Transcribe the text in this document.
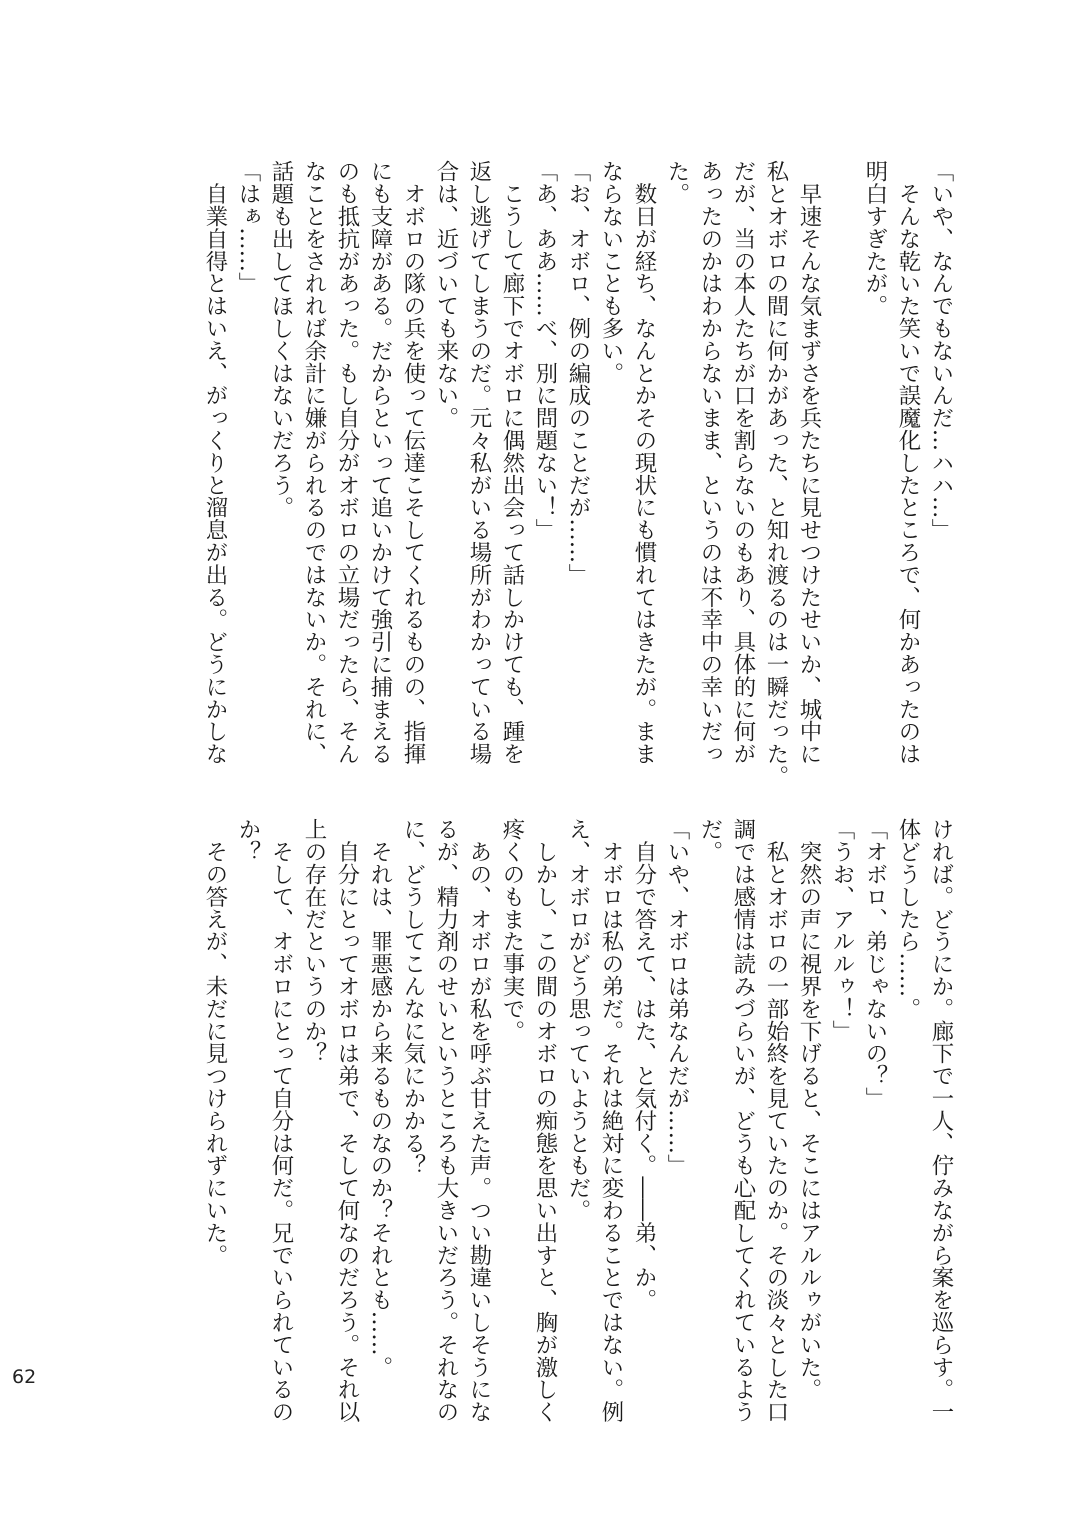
「いや、なんでもないんだ…ハハ…」
　そんな乾いた笑いで誤魔化したところで、何かあったのは
明白すぎたが。

　早速そんな気まずさを兵たちに見せつけたせいか、城中に
私とオボロの間に何かがあった、と知れ渡るのは一瞬だった。
だが、当の本人たちが口を割らないのもあり、具体的に何が
あったのかはわからないまま、というのは不幸中の幸いだっ
た。
　数日が経ち、なんとかその現状にも慣れてはきたが。まま
ならないことも多い。
「お、オボロ、例の編成のことだが……」
「あ、ああ……べ、別に問題ない！」
　こうして廊下でオボロに偶然出会って話しかけても、踵を
返し逃げてしまうのだ。元々私がいる場所がわかっている場
合は、近づいても来ない。
　オボロの隊の兵を使って伝達こそしてくれるものの、指揮
にも支障がある。だからといって追いかけて強引に捕まえる
のも抵抗があった。もし自分がオボロの立場だったら、そん
なことをされれば余計に嫌がられるのではないか。それに、
話題も出してほしくはないだろう。
「はぁ……」
　自業自得とはいえ、がっくりと溜息が出る。どうにかしな
ければ。どうにか。廊下で一人、佇みながら案を巡らす。一
体どうしたら……。
「オボロ、弟じゃないの？」
「うお、アルルゥ！」
　突然の声に視界を下げると、そこにはアルルゥがいた。
　私とオボロの一部始終を見ていたのか。その淡々とした口
調では感情は読みづらいが、どうも心配してくれているよう
だ。
「いや、オボロは弟なんだが……」
　自分で答えて、はた、と気付く。――弟、か。
　オボロは私の弟だ。それは絶対に変わることではない。例
え、オボロがどう思っていようともだ。
　しかし、この間のオボロの痴態を思い出すと、胸が激しく
疼くのもまた事実で。
　あの、オボロが私を呼ぶ甘えた声。つい勘違いしそうにな
るが、精力剤のせいというところも大きいだろう。それなの
に、どうしてこんなに気にかかる？
　それは、罪悪感から来るものなのか？それとも……。
　自分にとってオボロは弟で、そして何なのだろう。それ以
上の存在だというのか？
　そして、オボロにとって自分は何だ。兄でいられているの
か？
　その答えが、未だに見つけられずにいた。
62
